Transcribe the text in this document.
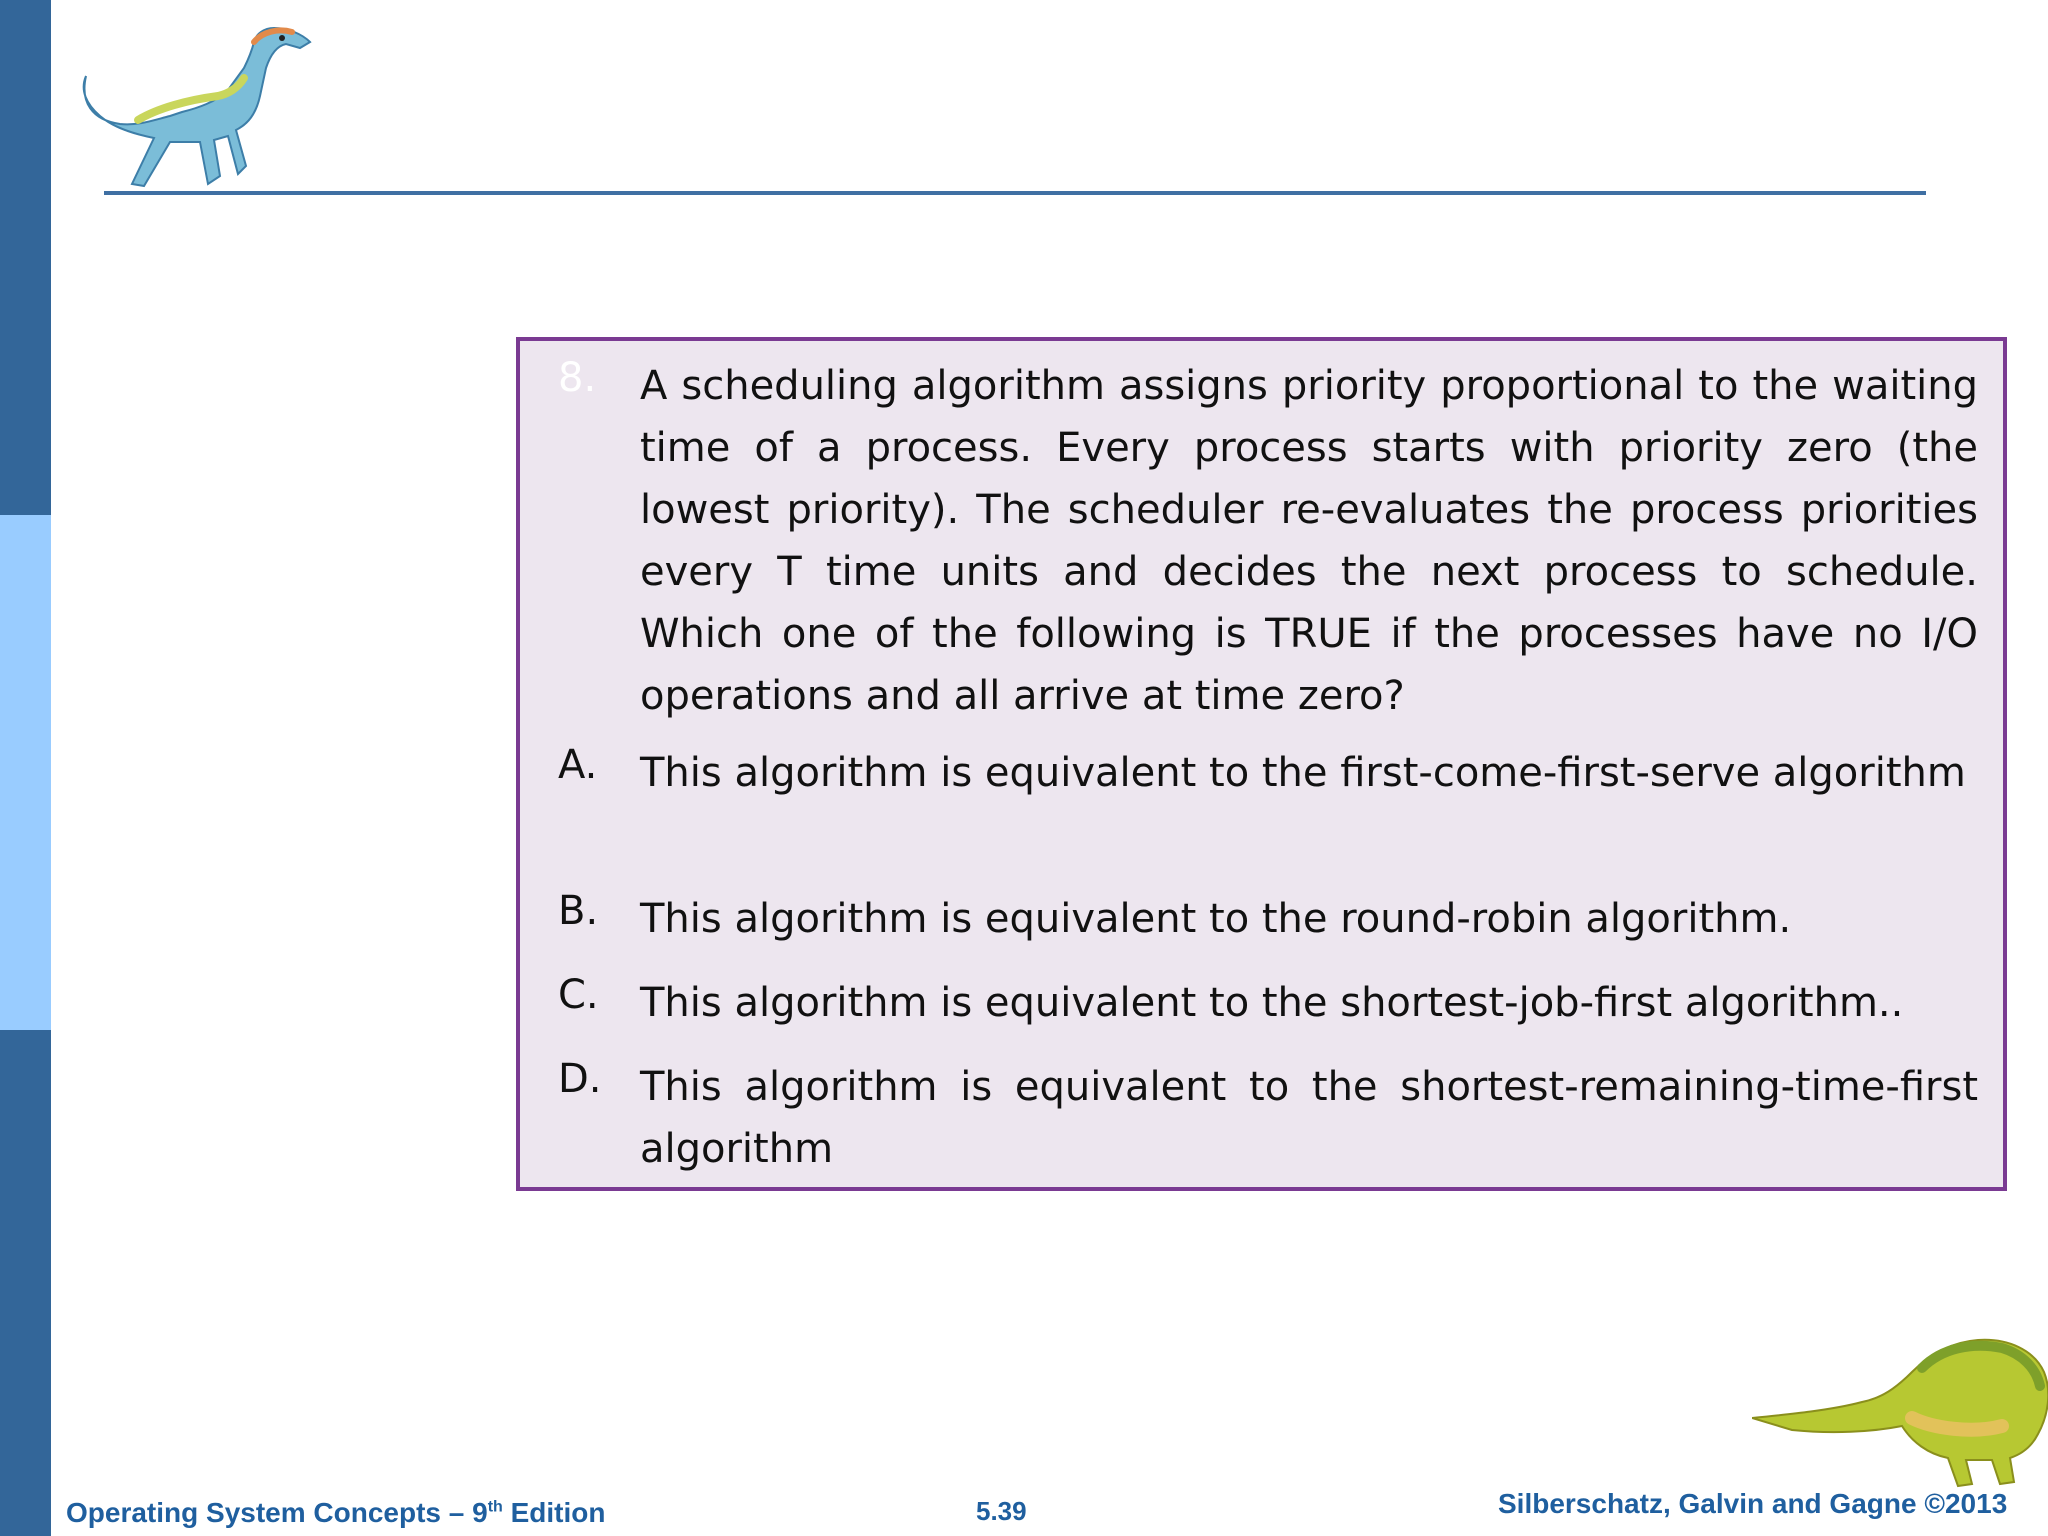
8.	A scheduling algorithm assigns priority proportional to the waiting time of a process. Every process starts with priority zero (the lowest priority). The scheduler re-evaluates the process priorities every T time units and decides the next process to schedule. Which one of the following is TRUE if the processes have no I/O operations and all arrive at time zero?
A.	This algorithm is equivalent to the first-come-first-serve algorithm
B.	This algorithm is equivalent to the round-robin algorithm.
C.	This algorithm is equivalent to the shortest-job-first algorithm..
D. This algorithm is equivalent to the shortest-remaining-time-first algorithm
Operating System Concepts – 9th Edition	5.39	Silberschatz, Galvin and Gagne ©2013
